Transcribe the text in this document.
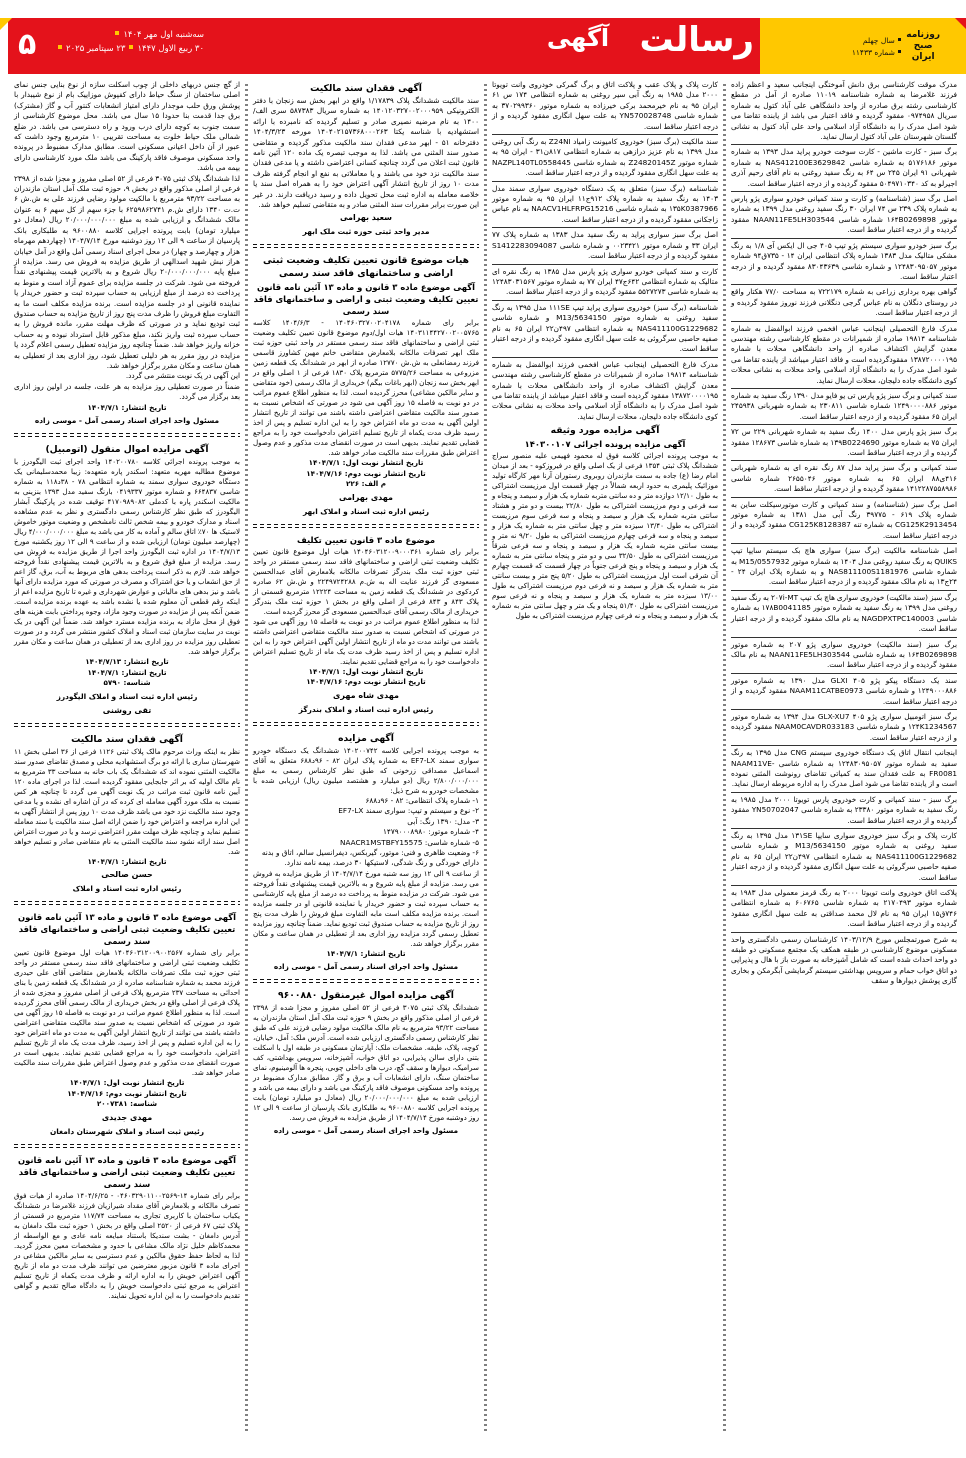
۵	سه‌شنبه اول مهر ۱۴۰۴
۳۰ ربیع الاول ۱۴۴۷۲۳ سپتامبر ۲۰۲۵	آگهی رسالت	روزنامه
صبح
ایران سال چهلم
شماره ۱۱۴۳۳

مدرک موقت کارشناسی برق دانش آموختگی اینجانب سعید و اعظم زاده فرزند غلامرضا به شماره شناسنامه ۱۱۰۱۹ صادره از آمل در مقطع کارشناسی رشته برق صادره از واحد دانشگاهی علی آباد کتول به شماره سریال ۰۹۷۴۹۵۸ مفقود گردیده و فاقد اعتبار می باشد از یابنده تقاضا می شود اصل مدرک را به دانشگاه آزاد اسلامی واحد علی آباد کتول به نشانی گلستان شهرستان علی آباد کتول ارسال نماید.

برگ سبز - کارت ماشین - کارت سوخت خودرو پراید مدل ۱۳۹۳ به شماره موتور ۵۱۷۶۱۸۶ به شماره شاسی NAS412100E3629842 به شماره شهربانی ۹۱ ایران ۲۴۵ س ۶۴ به رنگ سفید روغنی به نام آقای رحیم آذری اجیرلو به کد ۵۰۴۹۷۱۰۳۴۰ مفقود گردیده و از درجه اعتبار ساقط است.

اصل برگ سبز (شناسنامه) و کارت و سند کمپانی خودرو سواری پژو پارس به شماره پلاک ۲۳۹ س ۷۴ ایران ۳۰ رنگ سفید روغنی مدل ۱۳۹۹ به شماره موتور ۱۶۴B0269898 شماره شاسی NAAN11FE5LH303544 مفقود گردیده و از درجه اعتبار ساقط است.

برگ سبز خودرو سواری سیستم پژو تیپ ۴۰۵ جی ال ایکس آی ۱/۸ به رنگ مشکی متالیک مدل ۱۳۸۳ شماره پلاک انتظامی ایران ۱۴ - ۷۳۵ق۹۴ شماره موتور ۱۲۴۸۳۰۹۵۰۵۷ و شماره شاسی ۸۳۰۴۳۶۳۹ مفقود گردیده و از درجه اعتبار ساقط است.

گواهی بهره برداری زراعی به شماره ۷۲۲۱۷۹ به مساحت ۷۷/۰ هکتار واقع در روستای دنگلان به نام عباس گرجی دنگلانی فرزند نوروز مفقود گردیده و از درجه اعتبار ساقط است.

مدرک فارغ التحصیلی اینجانب عباس افخمی فرزند ابوالفضل به شماره شناسنامه ۱۹۸۱۴ صادره از شمیرانات در مقطع کارشناسی رشته مهندسی معدن گرایش اکتشاف صادره از واحد دانشگاهی محلات با شماره ۱۳۸۷۲۰۰۰۰۱۹۵ مفقودگردیده است و فاقد اعتبار میباشد از یابنده تقاضا می شود اصل مدرک را به دانشگاه آزاد اسلامی واحد محلات به نشانی محلات کوی دانشگاه جاده دلیجان، محلات ارسال نماید.

سند کمپانی و برگ سبز پژو پارس تی یو فایو مدل ۱۳۹۰ رنگ سفید به شماره موتور ۱۲۴۹۰۰۰۰۸۸۶ شماره شاسی ۲۳۰۸۱۱ به شماره شهربانی ۲۴۵۹۳۸ ایران ۶۵ مفقود گردیده و از درجه اعتبار ساقط است.

برگ سبز پژو پارس مدل ۱۴۰۰ رنگ سفید به شماره شهربانی ۲۲۹ س ۷۲ ایران ۷۵ به شماره موتور ۱۳۹B0224690 به شماره شاسی ۱۲۸۶۷۳ مفقود گردیده و از درجه اعتبار ساقط است.

سند کمپانی و برگ سبز پراید مدل ۸۷ رنگ نقره ای به شماره شهربانی ۴۱۶ی۸۸ ایران ۶۵ به شماره موتور ۲۶۵۵۰۴۶ شماره شاسی ۱۴۱۲۲۸۷۵۵۸۹۸۶ مفقود گردیده و از درجه اعتبار ساقط است.

اصل برگ سبز (شناسنامه) و سند کمپانی و کارت موتورسیکلت ساین به شماره پلاک ۶۱۹ - ۳۹۷۷۵ رنگ آبی مدل ۱۳۸۱ به شماره موتور CG125K2913454 به شماره تنه CG125K8128387 مفقود گردیده و از درجه اعتبار ساقط است.

اصل شناسنامه مالکیت (برگ سبز) سواری هاچ بک سیستم سایپا تیپ QUIKS به رنگ سفید روغنی مدل ۱۴۰۴ به شماره موتور M15/0557932 به شماره شاسی NAS811100S1181976 و به شماره پلاک ایران ۲۴ - ۲۴ج۱۳ به نام مالک مفقود گردیده و از درجه اعتبار ساقط است.

برگ سبز (سند مالکیت) خودروی سواری هاچ بک تیپ ۲۰۷i-MT به رنگ سفید روغنی مدل ۱۳۹۹ به رنگ سفید به شماره موتور ۱۷۸B0041185 به شماره شاسی NAGDPXTPC140003 به نام مالک مفقود گردیده و از درجه اعتبار ساقط است.

برگ سبز (سند مالکیت) خودروی سواری پژو ۲۰۷ به شماره موتور ۱۶۴B0269898 به شماره شاسی NAAN11FE5LH303544 به نام مالک مفقود گردیده و از درجه اعتبار ساقط است.

سند یک دستگاه پیکو پژو ۴۰۵ GLXI مدل ۱۳۹۰ به شماره موتور ۱۲۴۹۰۰۰۸۸۶ و شماره شاسی NAAM11CATBE0973 مفقود گردیده و از درجه اعتبار ساقط است.

برگ سبز اتومبیل سواری پژو ۴۰۵ GLX-XU7 مدل ۱۳۹۴ به شماره موتور ۱۲۴K1234567 و شماره شاسی NAAM0CAVDR033183 مفقود گردیده و از درجه اعتبار ساقط است.

اینجانب انتقال اتاق یک دستگاه خودروی سیستم CNG مدل ۱۳۹۵ به رنگ سفید به شماره موتور ۱۲۴۸۳۰۹۵۰۵۷ به شماره شاسی NAAM11VE-FR0081 به علت فقدان سند به کمیاتی تقاضای رونوشت المثنی نموده است و از یابنده تقاضا می شود اصل مدرک را به اداره مربوطه ارسال نماید.

برگ سبز - سند کمپانی و کارت خودروی پارس تویوتا ۲۰۰۰ مدل ۱۹۸۵ به رنگ سفید به شماره موتور ۲۳۳۸۰ به شماره شاسی YN50702047 مفقود گردیده و از درجه اعتبار ساقط است.

کارت پلاک و برگ سبز خودروی سواری سایپا ۱۳۱SE مدل ۱۳۹۵ به رنگ سفید روغنی به شماره موتور M13/5634150 و شماره شاسی NAS411100G1229682 به شماره انتظامی ۴۹۷ن۲۲ ایران ۶۵ به نام صفیه حاصبی سرگروئی به علت سهل انگاری مفقود گردیده و از درجه اعتبار ساقط است.

پلاکت اتاق خودروی وانت تویوتا ۲۰۰۰ به رنگ قرمز معمولی مدل ۱۹۸۳ به شماره موتور ۲۱۷۰۴۹۳ به شماره شاسی ۶۰۶۷۶۵ به شماره انتظامی ۷۴۶ق۱۵ ایران ۹۵ به نام لال محمد صداقتی به علت سهل انگاری مفقود گردیده و از درجه اعتبار ساقط است.

به شرح صورتمجلس مورخ ۱۴۰۳/۱۲/۹ کارشناسان رسمی دادگستری واحد مسکونی موضوع کارشناسی در طبقه همکف یک مجتمع مسکونی دو طبقه دو واحد احداث شده است که شامل آشپزخانه به صورت باز با هال و پذیرایی دو اتاق خواب حمام و سرویس بهداشتی سیستم گرمایشی آبگرمکن و بخاری گازی پوشش دیوارها و سقف

کارت پلاک و پلاک عقب و پلاکت اتاق و برگ گمرکی خودروی وانت تویوتا ۲۰۰۰ مدل ۱۹۸۵ به رنگ آبی سیر روغنی به شماره انتظامی ۱۷۴ س ۶۱ ایران ۹۵ به نام خیرمحمد برکی خیرزاده به شماره موتور ۳۷۰۲۹۹۳۶۰ به شماره شاسی YN570028748 به علت سهل انگاری مفقود گردیده و از درجه اعتبار ساقط است.

سند مالکیت (برگ سبز) خودروی کامیونت زامیاد Z24NI به رنگ آبی روغنی مدل ۱۳۹۹ به نام عزیز درازهی به شماره انتظامی ۸۱۷ن۳۱ - ایران ۹۵ به شماره موتور Z24820145Z به شماره شاسی NAZPL140TL0558445 به علت سهل انگاری مفقود گردیده و از درجه اعتبار ساقط است.

شناسنامه (برگ سبز) متعلق به یک دستگاه خودروی سواری سمند مدل ۱۴۰۳ به رنگ سفید به شماره پلاک ۹۱۲ج۱۱ ایران ۹۵ به شماره موتور ۱۳۵K0387966 به شماره شاسی NAACV1HLFRPG15216 به نام عباس زاجکانی مفقود گردیده و از درجه اعتبار ساقط است.

اصل برگ سبز سواری پراید به رنگ سفید مدل ۱۳۸۳ به شماره پلاک ۷۷ ایران ۳۳ و شماره موتور ۰۰۲۳۴۲۱ و شماره شاسی S1412283094087 مفقود گردیده و از درجه اعتبار ساقط است.

کارت و سند کمپانی خودرو سواری پژو پارس مدل ۱۳۸۵ به رنگ نقره ای متالیک به شماره انتظامی ۶۴۲ج۴۷ ایران ۷۷ به شماره موتور ۱۲۴۸۳۰۳۱۵۶۷ به شماره شاسی ۵۵۲۷۲۷۳ مفقود گردیده و از درجه اعتبار ساقط است.

شناسنامه (برگ سبز) خودروی سواری پراید تیپ ۱۱۱SE مدل ۱۳۹۵ به رنگ سفید روغنی به شماره موتور M13/5634150 و شماره شاسی NAS411100G1229682 به شماره انتظامی ۴۹۷ن۲۲ ایران ۶۵ به نام صفیه حاصبی سرگروئی به علت سهل انگاری مفقود گردیده و از درجه اعتبار ساقط است.

مدرک فارغ التحصیلی اینجانب عباس افخمی فرزند ابوالفضل به شماره شناسنامه ۱۹۸۱۴ صادره از شمیرانات در مقطع کارشناسی رشته مهندسی معدن گرایش اکتشاف صادره از واحد دانشگاهی محلات با شماره ۱۳۸۷۲۰۰۰۰۱۹۵ مفقود گردیده است و فاقد اعتبار میباشد از یابنده تقاضا می شود اصل مدرک را به دانشگاه آزاد اسلامی واحد محلات به نشانی محلات کوی دانشگاه جاده دلیجان، محلات ارسال نماید.

آگهی مزایده مورد وثیقه
آگهی مزایده پرونده اجرائی ۱۴۰۳۰۰۱۰۷

به موجب پرونده اجرائی کلاسه فوق له محمود فهیمی علیه منصور سراج ششدانگ پلاک ثبتی ۱۳۵۴ فرعی از یک اصلی واقع در فیروزکوه - بعد از میدان امام رضا (ع) جاده به سمت مازندران روبروی رستوران آرنا مهر کارگاه تولید موزائیک پلیمری به حدود اربعه شمالاً در چهار قسمت اول مرزیست اشتراکی به طول ۱۲/۱۰ دوازده متر و ده سانتی متربه شماره یک هزار و سیصد و پنجاه و سه فرعی و دوم مرزیست اشتراکی به طول ۲۲/۸۰ بیست و دو متر و هشتاد سانتی متربه شماره یک هزار و سیصد و پنجاه و سه فرعی سوم مرزیست اشتراکی به طول ۱۳/۴۰ سیزده متر و چهل سانتی متر به شماره یک هزار و سیصد و پنجاه و سه فرعی چهارم مرزیست اشتراکی به طول ۹/۲۰ نه متر و بیست سانتی متربه شماره یک هزار و سیصد و پنجاه و سه فرعی شرقاً مرزیست اشتراکی به طول ۳۲/۵۰ سی و دو متر و پنجاه سانتی متر به شماره یک هزار و سیصد و پنجاه و پنج فرعی جنوباً در چهار قسمت که قسمت چهارم آن شرقی است اول مرزیست اشتراکی به طول ۵/۲۰ پنج متر و بیست سانتی متر به شماره یک هزار و سیصد و نه فرعی دوم مرزیست اشتراکی به طول ۱۳/۰۰ سیزده متر به شماره یک هزار و سیصد و پنجاه و نه فرعی سوم مرزیست اشتراکی به طول ۵۱/۴۰ پنجاه و یک متر و چهل سانتی متر به شماره یک هزار و سیصد و پنجاه و نه فرعی چهارم مرزیست اشتراکی به طول

آگهی فقدان سند مالکیت

سند مالکیت ششدانگ پلاک ۱/۱۷۸۳۹ واقع در ابهر بخش سه زنجان با دفتر الکترونیکی ۱۴۰۱۲۰۳۲۷۰۰۲۰۰۰۹۵۹ به شماره سریال ۵۸۷۳۸۳ سری الف/۱۴۰۰ به نام مرضیه نصیری صادر و تسلیم گردیده که نامبرده با ارائه استشهادیه با شناسه یکتا ۱۴۰۴۰۲۱۵۷۳۶۸۰۰۰۲۶۳ مورخه ۱۴۰۴/۳/۲۳ دفترخانه ۵۱ - ابهر مدعی فقدان سند مالکیت مذکور گردیده و متقاضی صدور سند المثنی می باشد. لذا به موجب تبصره یک ماده ۱۲۰ آئین نامه قانون ثبت اعلان می گردد چنانچه کسانی اعتراضی داشته و یا مدعی فقدان سند مالکیت نزد خود می باشند و یا معاملاتی به نفع او انجام گرفته ظرف مدت ۱۰ روز از تاریخ انتشار آگهی اعتراض خود را به همراه اصل سند یا خلاصه معامله به اداره ثبت محل تحویل داده و رسید دریافت دارند. در غیر این صورت برابر مقررات سند المثنی صادر و به متقاضی تسلیم خواهد شد.

سعید بهرامی
مدیر واحد ثبتی حوزه ثبت ملک ابهر
هیات موضوع قانون تعیین تکلیف وضعیت ثبتی اراضی و ساختمانهای فاقد سند رسمی
آگهی موضوع ماده ۳ قانون و ماده ۱۳ آئین نامه قانون تعیین تکلیف وضعیت ثبتی و اراضی و ساختمانهای فاقد سند رسمی

برابر رای شماره ۱۴۰۴۶۰۳۲۷۰۰۲۰۴۱۷۸ - ۱۴۰۴/۶/۳ کلاسه ۱۴۰۳۱۱۴۴۲۷۰۰۲۰۰۵۷۶۵ هیات اول/دوم موضوع قانون تعیین تکلیف وضعیت ثبتی اراضی و ساختمانهای فاقد سند رسمی مستقر در واحد ثبتی حوزه ثبت ملک ابهر تصرفات مالکانه بلامعارض متقاضی خانم مهین کشاورز قاسمی فرزند رمضانعلی به ش.ش ۱۲۷۷۰ صادره از ابهر در ششدانگ یک قطعه زمین مزروعی به مساحت ۵۷۷۵/۲۶ مترمربع پلاک ۱۸۳۰ فرعی از ۱ اصلی واقع در ابهر بخش سه زنجان (ابهر باغات بیگم) خریداری از مالک رسمی (خود متقاضی و سایر مالکین مشاعی) محرز گردیده است. لذا به منظور اطلاع عموم مراتب در دو نوبت به فاصله ۱۵ روز آگهی می شود در صورتی که اشخاص نسبت به صدور سند مالکیت متقاضی اعتراضی داشته باشند می توانند از تاریخ انتشار اولین آگهی به مدت دو ماه اعتراض خود را به این اداره تسلیم و پس از اخذ رسید ظرف مدت یکماه از تاریخ تسلیم اعتراض دادخواست خود را به مراجع قضایی تقدیم نمایند. بدیهی است در صورت انقضای مدت مذکور و عدم وصول اعتراض طبق مقررات سند مالکیت صادر خواهد شد.

تاریخ انتشار نوبت اول: ۱۴۰۴/۷/۱
تاریخ انتشار نوبت دوم: ۱۴۰۴/۷/۱۶
م الف: ۲۲۶
مهدی بهرامی
رئیس اداره ثبت اسناد و املاک ابهر
موضوع ماده ۳ قانون تعیین تکلیف

برابر رای شماره ۱۴۰۴۶۰۳۱۲۰۰۹۰۰۰۳۶۱ هیات اول موضوع قانون تعیین تکلیف وضعیت ثبتی اراضی و ساختمانهای فاقد سند رسمی مستقر در واحد ثبتی حوزه ثبت ملک بندرگز تصرفات مالکانه بلامعارض آقای عبدالحسین مسعودی گز فرزند عنایت اله به ش.م ۲۲۴۹۷۲۴۲۸۸ و ش.ش ۶۲ صادره کردکوی در ششدانگ یک قطعه زمین به مساحت ۱۲۲۲۴ مترمربع قسمتی از پلاک ۸۴۳ و ۸۴۳ فرعی از اصلی واقع در بخش ۱ حوزه ثبت ملک بندرگز خریداری از مالک رسمی آقای عبدالحسین مسعودی گز محرز گردیده است.

لذا به منظور اطلاع عموم مراتب در دو نوبت به فاصله ۱۵ روز آگهی می شود در صورتی که اشخاص نسبت به صدور سند مالکیت متقاضی اعتراضی داشته باشند می توانند مدت دو ماه از تاریخ انتشار اولین آگهی اعتراض خود را به این اداره تسلیم و پس از اخذ رسید ظرف مدت یک ماه از تاریخ تسلیم اعتراض دادخواست خود را به مراجع قضایی تقدیم نمایند.

تاریخ انتشار نوبت اول: ۱۴۰۴/۷/۱
تاریخ انتشار نوبت دوم: ۱۴۰۴/۷/۱۶
مهدی شاه مهری
رئیس اداره ثبت اسناد و املاک بندرگز
آگهی مزایده

به موجب پرونده اجرایی کلاسه ۱۴۰۲۰۰۷۴۲ ششدانگ یک دستگاه خودرو سواری سمند EF7-LX به شماره پلاک ایران ۸۲ - ۹۶د۶۸۸ متعلق به آقای اسماعیل مصداقی زرخونی که طبق نظر کارشناس رسمی به مبلغ ۲/۸۰۰/۰۰۰/۰۰۰ ریال (دو میلیارد و هشتصد میلیون ریال) ارزیابی شده با مشخصات خودرو به شرح ذیل:

۱- شماره پلاک انتظامی: ۸۲ - ۹۶د۶۸۸
۲- نوع و سیستم و تیپ: سواری سمند EF7-LX
۳- مدل: ۱۳۹۰ رنگ: آبی
۴- شماره موتور: ۱۴۷۹۰۰۰۸۹۸۰
۵- شماره شاسی: NAACR1MSTBFY15575
۶- وضعیت ظاهری و فنی: موتور، گیربکس، دیفرانسیل سالم، اتاق و بدنه دارای خوردگی و رنگ شدگی، لاستیکها ۳۰ درصد، بیمه نامه ندارد.

از ساعت ۹ الی ۱۲ روز سه شنبه مورخ ۱۴۰۴/۷/۱۴ از طریق مزایده به فروش می رسد. مزایده از مبلغ پایه شروع و به بالاترین قیمت پیشنهادی نقداً فروخته می شود. شرکت در مزایده منوط به پرداخت ده درصد از مبلغ پایه کارشناسی به حساب سپرده ثبت و حضور خریدار یا نماینده قانونی او در جلسه مزایده است. برنده مزایده مکلف است مابه التفاوت مبلغ فروش را ظرف مدت پنج روز از تاریخ مزایده به حساب صندوق ثبت تودیع نماید. ضمناً چنانچه روز مزایده تعطیل رسمی گردد مزایده روز اداری بعد از تعطیلی در همان ساعت و مکان مقرر برگزار خواهد شد.

تاریخ انتشار: ۱۴۰۴/۷/۱
مسئول واحد اجرای اسناد رسمی آمل - موسی زاده
آگهی مزایده اموال غیرمنقول ۹۶۰۰۸۸۰

ششدانگ پلاک ثبتی ۳۰۷۵ فرعی از ۵۲ اصلی مفروز و مجزا شده از ۲۳۹۸ فرعی از اصلی مذکور واقع در بخش ۹ حوزه ثبت ملک آمل استان مازندران به مساحت ۹۳/۲۲ مترمربع به نام مالک مالکیت مولود رضایی فرزند علی که طبق نظر کارشناس رسمی دادگستری ارزیابی شده است. آدرس ملک: آمل، خیابان، کوچه، پلاک، طبقه. مشخصات ملک: آپارتمان مسکونی در طبقه اول با اسکلت بتنی دارای سالن پذیرایی، دو اتاق خواب، آشپزخانه، سرویس بهداشتی، کف سرامیک، دیوارها و سقف گچ، درب های داخلی چوبی، پنجره ها آلومینیوم، نمای ساختمان سنگ، دارای انشعابات آب و برق و گاز. مطابق مدارک مضبوط در پرونده واحد مسکونی موصوف فاقد پارکینگ می باشد و دارای بیمه می باشد و ارزیابی شده به مبلغ ۲۰/۰۰۰/۰۰۰/۰۰۰ ریال (معادل دو میلیارد تومان) بابت پرونده اجرایی کلاسه ۹۶۰۰۸۸۰ به طلبکاری بانک پارسیان از ساعت ۹ الی ۱۲ روز دوشنبه مورخ ۱۴۰۴/۷/۱۴ از طریق مزایده به فروش می رسد.

مسئول واحد اجرای اسناد رسمی آمل - موسی زاده

از گچ جنس دربهای داخلی از چوب اسکلت سازه از نوع بنایی جنس نمای اصلی ساختمان از سنگ حیاط دارای کفپوش موزاییک بام از نوع شیبدار با پوشش ورق حلب موجدار دارای امتیاز انشعابات کنتور آب و گاز (مشترک) برق جدا قدمت بنا حدودا ۱۵ سال می باشد. محل موضوع کارشناسی از سمت جنوب به کوچه دارای درب ورود و راه دسترسی می باشد. در ضلع شمالی ملک حیاط خلوت به مساحت تقریبی ۱۰ مترمربع وجود داشت که عبور از آن داخل اعیانی مسکونی است. مطابق مدارک مضبوط در پرونده واحد مسکونی موصوف فاقد پارکینگ می باشد ملک مورد کارشناسی دارای بیمه می باشد.

لذا ششدانگ پلاک ثبتی ۳۰۷۵ فرعی از ۵۲ اصلی مفروز و مجزا شده از ۲۳۹۸ فرعی از اصلی مذکور واقع در بخش ۹، حوزه ثبت ملک آمل استان مازندران به مساحت ۹۳/۲۲ مترمربع با مالکیت مولود رضایی فرزند علی به ش.ش ۶ ت.ت ۱۳۴۰ دارای ش.م ۶۲۵۹۸۶۲۷۴۱ با جزء سهم از کل سهم ۶ به عنوان مالک ششدانگ و ارزیابی شده به مبلغ ۲۰/۰۰۰/۰۰۰/۰۰۰ ریال (معادل دو میلیارد تومان) بابت پرونده اجرایی کلاسه ۹۶۰۰۸۸۰ به طلبکاری بانک پارسیان از ساعت ۹ الی ۱۲ روز دوشنبه مورخ ۱۴۰۴/۷/۱۴ (چهاردهم مهرماه هزار و چهارصد و چهار) در محل اجرای اسناد رسمی آمل واقع در آمل خیابان هراز نبش شهید اسدالهی از طریق مزایده به فروش می رسد. مزایده از مبلغ پایه ۲۰/۰۰۰/۰۰۰/۰۰۰ ریال شروع و به بالاترین قیمت پیشنهادی نقداً فروخته می شود. شرکت در جلسه مزایده برای عموم آزاد است و منوط به پرداخت ده درصد از مبلغ ارزیابی به حساب سپرده ثبت و حضور خریدار یا نماینده قانونی او در جلسه مزایده است. برنده مزایده مکلف است ما به التفاوت مبلغ فروش را ظرف مدت پنج روز از تاریخ مزایده به حساب صندوق ثبت تودیع نماید و در صورتی که ظرف مهلت مقرر، مانده فروش را به حساب سپرده ثبت واریز نکند، مبلغ مذکور قابل استرداد نبوده و به حساب خزانه واریز خواهد شد. ضمناً چنانچه روز مزایده تعطیل رسمی اعلام گردد یا مزایده در روز مقرر به هر دلیلی تعطیل شود، روز اداری بعد از تعطیلی به همان ساعت و مکان مقرر برگزار خواهد شد.

این آگهی در یک نوبت منتشر می گردد.

ضمناً در صورت تعطیلی روز مزایده به هر علت، جلسه در اولین روز اداری بعد برگزار می گردد.

تاریخ انتشار: ۱۴۰۴/۷/۱
مسئول واحد اجرای اسناد رسمی آمل - موسی زاده
آگهی مزایده اموال منقول (اتومبیل)

به موجب پرونده اجرائی کلاسه ۱۴۰۲۰۰۷۸۰ واحد اجرای ثبت الیگودرز با موضوع مطالبه مهریه متعهد: اسکندر پاره متعهده: زیبا محمدسلیمانی یک دستگاه خودروی سواری سمند به شماره انتظامی ۷۸ - ۳۸د۱۱۸ به شماره شاسی ۶۶۴۸۳۷ و شماره موتور ۰۴۱۹۳۳۷ بارنگ سفید مدل ۱۳۹۳ بنزینی به مالکیت اسکندر پاره با کدملی ۴۱۷۰۹۸۹۰۸۲ توقیف شده در پارکینگ آبشار الیگودرز که طبق نظر کارشناس رسمی دادگستری و نظر به عدم مشاهده اسناد و مدارک خودرو و بیمه شخص ثالث نامشخص و وضعیت موتور خاموش لاستیک ها ۷۰٪ اتاق سالم و آماده به کار می باشد به مبلغ ۴/۰۰۰/۰۰۰/۰۰۰ ریال (چهارصد میلیون تومان) ارزیابی شده و از ساعت ۹ الی ۱۲ روز یکشنبه مورخ ۱۴۰۴/۷/۱۳ در اداره ثبت الیگودرز واحد اجرا از طریق مزایده به فروش می رسد. مزایده از مبلغ فوق شروع و به بالاترین قیمت پیشنهادی نقداً فروخته خواهد شد. لازم به ذکر است پرداخت بدهی های مربوط به آب، برق، گاز اعم از حق انشعاب و یا حق اشتراک و مصرف در صورتی که مورد مزایده دارای آنها باشد و نیز بدهی های مالیاتی و عوارض شهرداری و غیره تا تاریخ مزایده اعم از اینکه رقم قطعی آن معلوم شده یا نشده باشد به عهده برنده مزایده است. ضمن آنکه پس از مزایده در صورت وجود مازاد، وجوه پرداختی بابت هزینه های فوق از محل مازاد به برنده مزایده مسترد خواهد شد. ضمناً این آگهی در یک نوبت در سایت سازمان ثبت اسناد و املاک کشور منتشر می گردد و در صورت تعطیلی روز مزایده در روز اداری بعد از تعطیلی در همان ساعت و مکان مقرر برگزار خواهد شد.

تاریخ انتشار: ۱۴۰۴/۷/۱۳
تاریخ انتشار: ۱۴۰۴/۷/۱
شناسه: ۵۷۹۰
رئیس اداره ثبت اسناد و املاک الیگودرز
تقی روشنی
آگهی فقدان سند مالکیت

نظر به اینکه وراث مرحوم مالک پلاک ثبتی ۱۱۲۶ فرعی از ۳۶ اصلی بخش ۱۱ شهرستان ساری با ارائه دو برگ استشهادیه محلی و مصدق تقاضای صدور سند مالکیت المثنی نموده اند که ششدانگ یک باب خانه به مساحت ۳۳ مترمربع به نام مالک اولیه که بر اثر جابجایی مفقود گردیده است. لذا در اجرای ماده ۱۲۰ آیین نامه قانون ثبت مراتب در یک نوبت آگهی می گردد تا چنانچه هر کس نسبت به ملک مورد آگهی معامله ای کرده که در آن اشاره ای نشده و یا مدعی وجود سند مالکیت نزد خود می باشد ظرف مدت ۱۰ روز پس از انتشار آگهی به این اداره مراجعه و اعتراض خود را ضمن ارائه اصل سند مالکیت یا سند معامله تسلیم نماید و چنانچه ظرف مهلت مقرر اعتراضی نرسد و یا در صورت اعتراض اصل سند ارائه نشود سند مالکیت المثنی به نام متقاضی صادر و تسلیم خواهد شد.

تاریخ انتشار: ۱۴۰۴/۷/۱
حسن صالحی
رئیس اداره ثبت اسناد و املاک
آگهی موضوع ماده ۳ قانون و ماده ۱۳ آئین نامه قانون تعیین تکلیف وضعیت ثبتی اراضی و ساختمانهای فاقد سند رسمی

برابر رای شماره ۱۴۰۴۶۰۳۱۲۰۰۹۰۰۲۵۶۷ هیات اول موضوع قانون تعیین تکلیف وضعیت ثبتی اراضی و ساختمانهای فاقد سند رسمی مستقر در واحد ثبتی حوزه ثبت ملک تصرفات مالکانه بلامعارض متقاضی آقای علی حیدری فرزند محمد به شماره شناسنامه صادره از در ششدانگ یک قطعه زمین با بنای احداثی به مساحت ۲۳۷ مترمربع پلاک فرعی از اصلی مفروز و مجزی شده از پلاک فرعی از اصلی واقع در بخش خریداری از مالک رسمی آقای محرز گردیده است. لذا به منظور اطلاع عموم مراتب در دو نوبت به فاصله ۱۵ روز آگهی می شود در صورتی که اشخاص نسبت به صدور سند مالکیت متقاضی اعتراضی داشته باشند می توانند از تاریخ انتشار اولین آگهی به مدت دو ماه اعتراض خود را به این اداره تسلیم و پس از اخذ رسید، ظرف مدت یک ماه از تاریخ تسلیم اعتراض، دادخواست خود را به مراجع قضایی تقدیم نمایند. بدیهی است در صورت انقضای مدت مذکور و عدم وصول اعتراض طبق مقررات سند مالکیت صادر خواهد شد.

تاریخ انتشار نوبت اول: ۱۴۰۴/۷/۱
تاریخ انتشار نوبت دوم: ۱۴۰۴/۷/۱۶
شناسه: ۲۰۰۷۳۸۱
مهدی جدیدی
رئیس ثبت اسناد و املاک شهرستان دامغان
آگهی موضوع ماده ۳ قانون و ماده ۱۳ آئین نامه قانون تعیین تکلیف وضعیت ثبتی اراضی و ساختمانهای فاقد سند رسمی

برابر رای شماره ۱۴-۰۴۶۰۳۲۹۰۱۱۰۰۲۵۶۹ - ۱۴۰۴/۶/۲۵ صادره از هیات فوق تصرف مالکانه و بلامعارض آقای مقداد شیرازیان فرزند غلامرضا در ششدانگ یکباب ساختمان با کاربری تجاری به مساحت ۱۱۷/۷۴ مترمربع در قسمتی از پلاک ثبتی ۶۷ فرعی از ۲۵۲۰ اصلی واقع در بخش ۱ حوزه ثبت ملک دامغان به آدرس دامغان - بشت سندیکا باستناد مبایعه نامه عادی و مع الواسطه از محمدکاظم خلیل نژاد مالک مشاعی با حدود و مشخصات معین محرز گردید. لذا به لحاظ حفظ حقوق مالکین و عدم دسترسی به سایر مالکین مشاعی در اجرای ماده ۳ قانون مزبور معترضین می توانند ظرف مدت دو ماه از تاریخ آگهی اعتراض خویش را به اداره ارائه و ظرف مدت یکماه از تاریخ تسلیم اعتراض به مرجع ثبتی دادخواست خویش را به دادگاه صالح تقدیم و گواهی تقدیم دادخواست را به این اداره تحویل نمایند.
